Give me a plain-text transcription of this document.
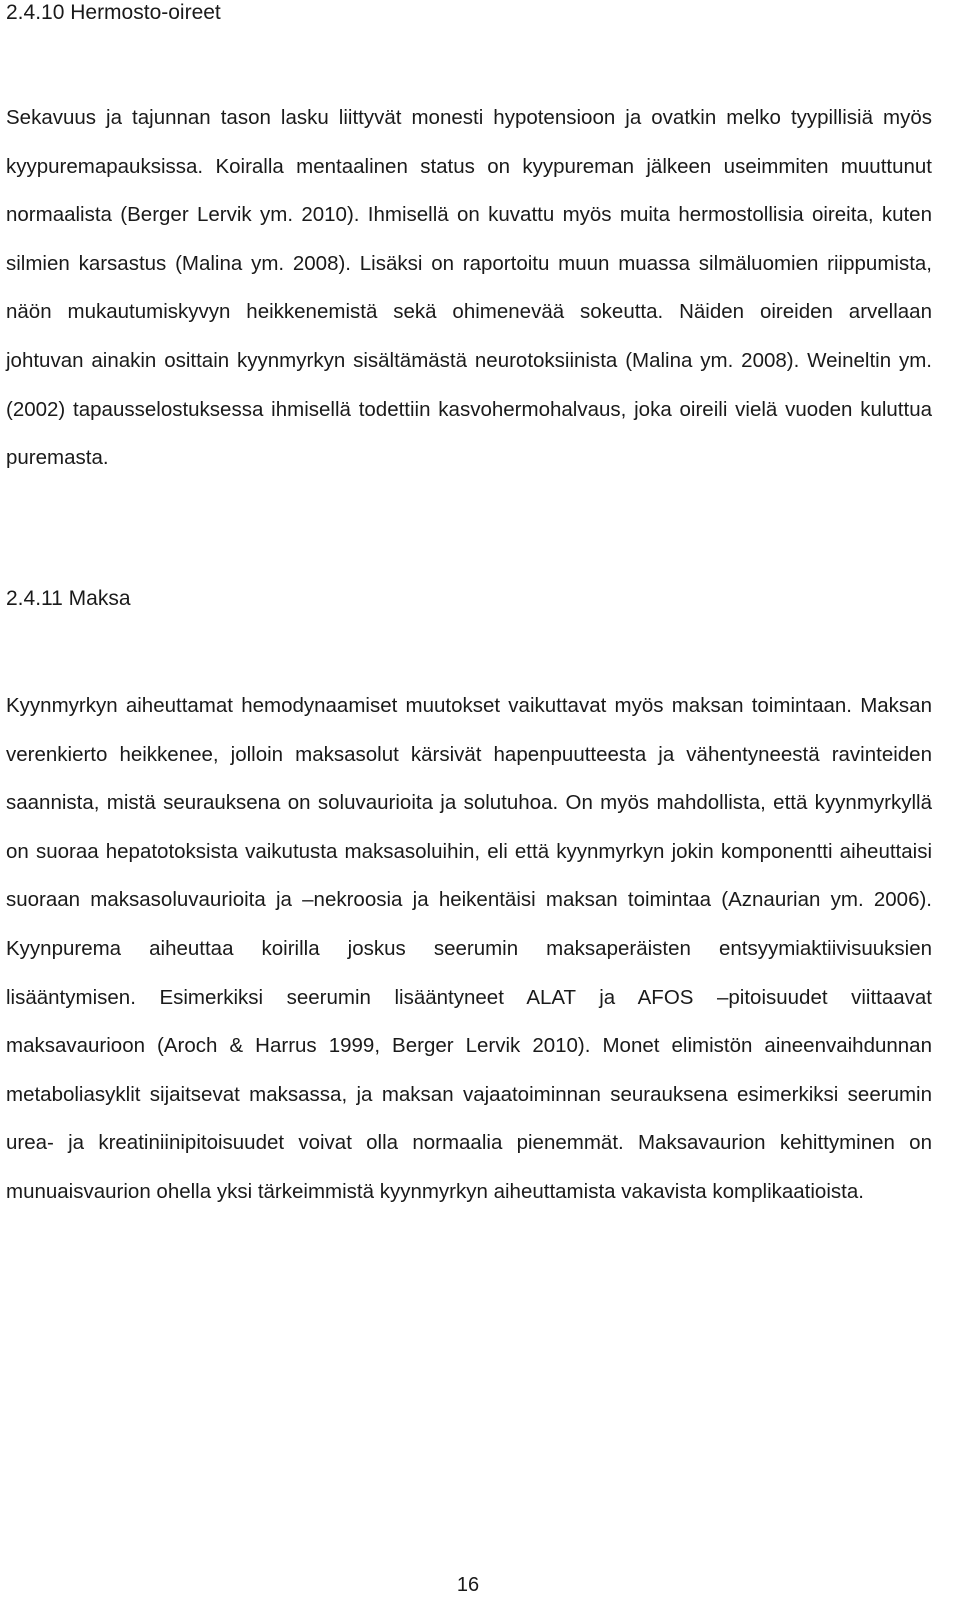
2.4.10 Hermosto-oireet

Sekavuus ja tajunnan tason lasku liittyvät monesti hypotensioon ja ovatkin melko tyypillisiä myös kyypuremapauksissa. Koiralla mentaalinen status on kyypureman jälkeen useimmiten muuttunut normaalista (Berger Lervik ym. 2010). Ihmisellä on kuvattu myös muita hermostollisia oireita, kuten silmien karsastus (Malina ym. 2008). Lisäksi on raportoitu muun muassa silmäluomien riippumista, näön mukautumiskyvyn heikkenemistä sekä ohimenevää sokeutta. Näiden oireiden arvellaan johtuvan ainakin osittain kyynmyrkyn sisältämästä neurotoksiinista (Malina ym. 2008). Weineltin ym. (2002) tapausselostuksessa ihmisellä todettiin kasvohermohalvaus, joka oireili vielä vuoden kuluttua puremasta.

2.4.11 Maksa

Kyynmyrkyn aiheuttamat hemodynaamiset muutokset vaikuttavat myös maksan toimintaan. Maksan verenkierto heikkenee, jolloin maksasolut kärsivät hapenpuutteesta ja vähentyneestä ravinteiden saannista, mistä seurauksena on soluvaurioita ja solutuhoa. On myös mahdollista, että kyynmyrkyllä on suoraa hepatotoksista vaikutusta maksasoluihin, eli että kyynmyrkyn jokin komponentti aiheuttaisi suoraan maksasoluvaurioita ja –nekroosia ja heikentäisi maksan toimintaa (Aznaurian ym. 2006). Kyynpurema aiheuttaa koirilla joskus seerumin maksaperäisten entsyymiaktiivisuuksien lisääntymisen. Esimerkiksi seerumin lisääntyneet ALAT ja AFOS –pitoisuudet viittaavat maksavaurioon (Aroch & Harrus 1999, Berger Lervik 2010). Monet elimistön aineenvaihdunnan metaboliasyklit sijaitsevat maksassa, ja maksan vajaatoiminnan seurauksena esimerkiksi seerumin urea- ja kreatiniinipitoisuudet voivat olla normaalia pienemmät. Maksavaurion kehittyminen on munuaisvaurion ohella yksi tärkeimmistä kyynmyrkyn aiheuttamista vakavista komplikaatioista.

16
